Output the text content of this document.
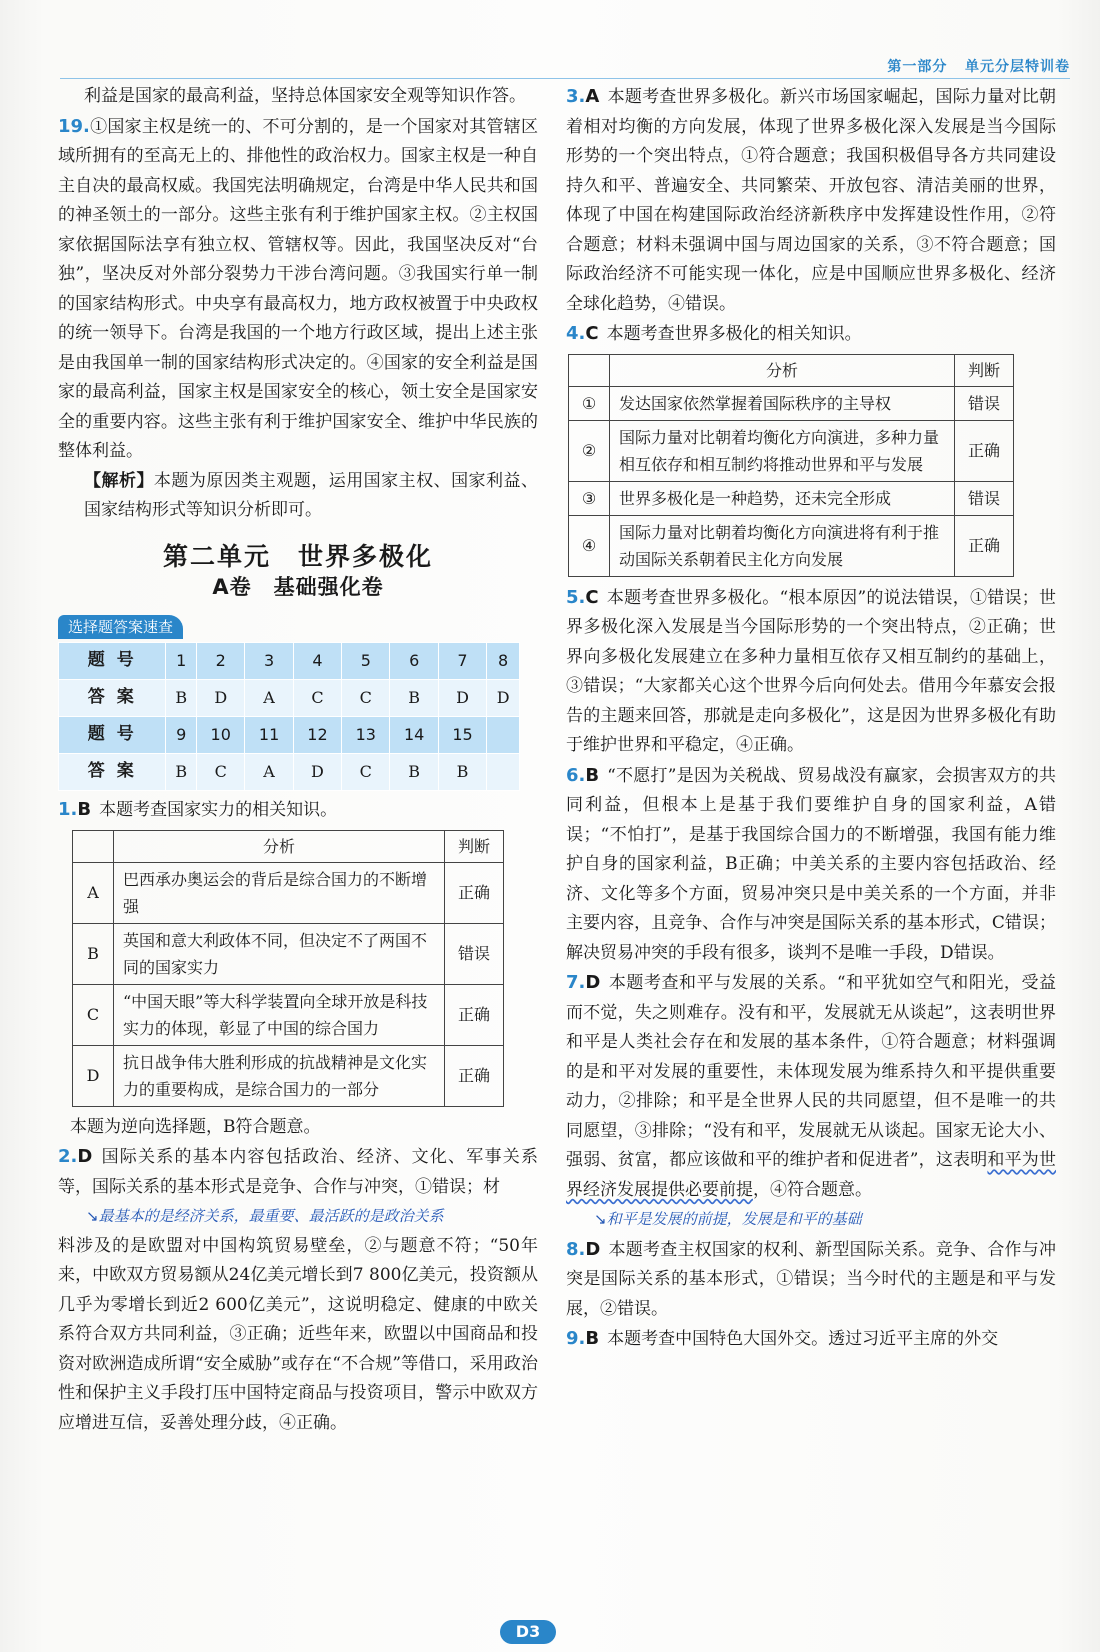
第一部分 单元分层特训卷

利益是国家的最高利益，坚持总体国家安全观等知识作答。

19.①国家主权是统一的、不可分割的，是一个国家对其管辖区域所拥有的至高无上的、排他性的政治权力。国家主权是一种自主自决的最高权威。我国宪法明确规定，台湾是中华人民共和国的神圣领土的一部分。这些主张有利于维护国家主权。②主权国家依据国际法享有独立权、管辖权等。因此，我国坚决反对“台独”，坚决反对外部分裂势力干涉台湾问题。③我国实行单一制的国家结构形式。中央享有最高权力，地方政权被置于中央政权的统一领导下。台湾是我国的一个地方行政区域，提出上述主张是由我国单一制的国家结构形式决定的。④国家的安全利益是国家的最高利益，国家主权是国家安全的核心，领土安全是国家安全的重要内容。这些主张有利于维护国家安全、维护中华民族的整体利益。

【解析】本题为原因类主观题，运用国家主权、国家利益、国家结构形式等知识分析即可。

第二单元　世界多极化
A卷　基础强化卷
选择题答案速查
题 号	1	2	3	4	5	6	7	8
答 案	B	D	A	C	C	B	D	D
题 号	9	10	11	12	13	14	15	
答 案	B	C	A	D	C	B	B	

1.B 本题考查国家实力的相关知识。

	分析	判断
A	巴西承办奥运会的背后是综合国力的不断增强	正确
B	英国和意大利政体不同，但决定不了两国不同的国家实力	错误
C	“中国天眼”等大科学装置向全球开放是科技实力的体现，彰显了中国的综合国力	正确
D	抗日战争伟大胜利形成的抗战精神是文化实力的重要构成，是综合国力的一部分	正确

本题为逆向选择题，B符合题意。

2.D 国际关系的基本内容包括政治、经济、文化、军事关系等，国际关系的基本形式是竞争、合作与冲突，①错误；材

↘最基本的是经济关系，最重要、最活跃的是政治关系

料涉及的是欧盟对中国构筑贸易壁垒，②与题意不符；“50年来，中欧双方贸易额从24亿美元增长到7 800亿美元，投资额从几乎为零增长到近2 600亿美元”，这说明稳定、健康的中欧关系符合双方共同利益，③正确；近些年来，欧盟以中国商品和投资对欧洲造成所谓“安全威胁”或存在“不合规”等借口，采用政治性和保护主义手段打压中国特定商品与投资项目，警示中欧双方应增进互信，妥善处理分歧，④正确。

3.A 本题考查世界多极化。新兴市场国家崛起，国际力量对比朝着相对均衡的方向发展，体现了世界多极化深入发展是当今国际形势的一个突出特点，①符合题意；我国积极倡导各方共同建设持久和平、普遍安全、共同繁荣、开放包容、清洁美丽的世界，体现了中国在构建国际政治经济新秩序中发挥建设性作用，②符合题意；材料未强调中国与周边国家的关系，③不符合题意；国际政治经济不可能实现一体化，应是中国顺应世界多极化、经济全球化趋势，④错误。

4.C 本题考查世界多极化的相关知识。

	分析	判断
①	发达国家依然掌握着国际秩序的主导权	错误
②	国际力量对比朝着均衡化方向演进，多种力量相互依存和相互制约将推动世界和平与发展	正确
③	世界多极化是一种趋势，还未完全形成	错误
④	国际力量对比朝着均衡化方向演进将有利于推动国际关系朝着民主化方向发展	正确

5.C 本题考查世界多极化。“根本原因”的说法错误，①错误；世界多极化深入发展是当今国际形势的一个突出特点，②正确；世界向多极化发展建立在多种力量相互依存又相互制约的基础上，③错误；“大家都关心这个世界今后向何处去。借用今年慕安会报告的主题来回答，那就是走向多极化”，这是因为世界多极化有助于维护世界和平稳定，④正确。

6.B “不愿打”是因为关税战、贸易战没有赢家，会损害双方的共同利益，但根本上是基于我们要维护自身的国家利益，A错误；“不怕打”，是基于我国综合国力的不断增强，我国有能力维护自身的国家利益，B正确；中美关系的主要内容包括政治、经济、文化等多个方面，贸易冲突只是中美关系的一个方面，并非主要内容，且竞争、合作与冲突是国际关系的基本形式，C错误；解决贸易冲突的手段有很多，谈判不是唯一手段，D错误。

7.D 本题考查和平与发展的关系。“和平犹如空气和阳光，受益而不觉，失之则难存。没有和平，发展就无从谈起”，这表明世界和平是人类社会存在和发展的基本条件，①符合题意；材料强调的是和平对发展的重要性，未体现发展为维系持久和平提供重要动力，②排除；和平是全世界人民的共同愿望，但不是唯一的共同愿望，③排除；“没有和平，发展就无从谈起。国家无论大小、强弱、贫富，都应该做和平的维护者和促进者”，这表明和平为世界经济发展提供必要前提，④符合题意。

↘和平是发展的前提，发展是和平的基础

8.D 本题考查主权国家的权利、新型国际关系。竞争、合作与冲突是国际关系的基本形式，①错误；当今时代的主题是和平与发展，②错误。

9.B 本题考查中国特色大国外交。透过习近平主席的外交

D3
